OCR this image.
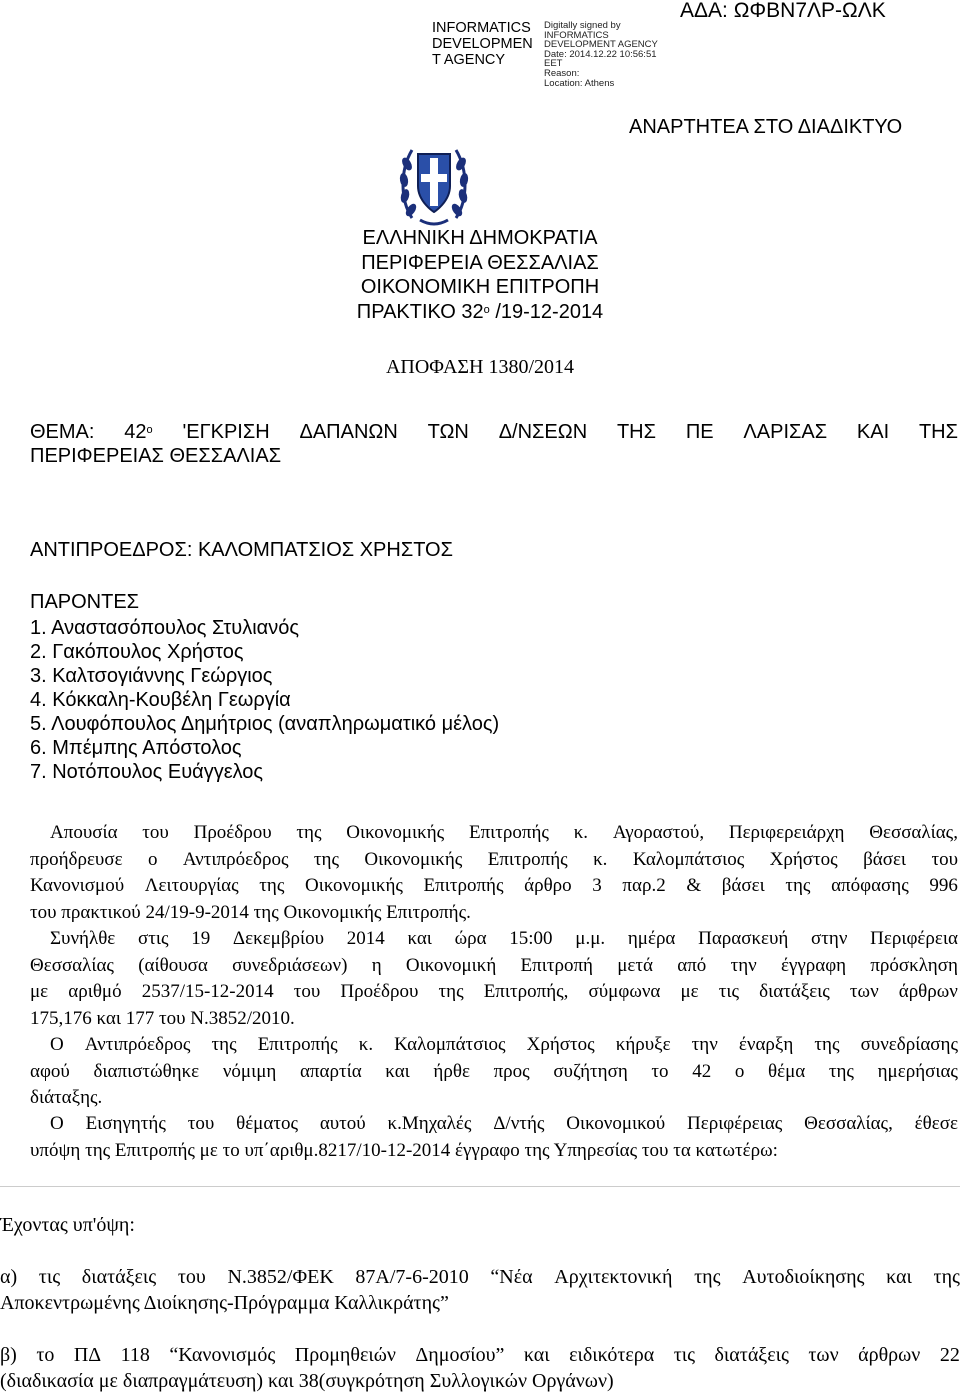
INFORMATICS
DEVELOPMEN
T AGENCY
Digitally signed by
INFORMATICS
DEVELOPMENT AGENCY
Date: 2014.12.22 10:56:51
EET
Reason:
Location: Athens
ΑΔΑ: ΩΦΒΝ7ΛΡ-ΩΛΚ
ΑΝΑΡΤΗΤΕΑ ΣΤΟ ΔΙΑΔΙΚΤΥΟ
ΕΛΛΗΝΙΚΗ ΔΗΜΟΚΡΑΤΙΑ
ΠΕΡΙΦΕΡΕΙΑ ΘΕΣΣΑΛΙΑΣ
ΟΙΚΟΝΟΜΙΚΗ ΕΠΙΤΡΟΠΗ
ΠΡΑΚΤΙΚΟ $32^o$ /19-12-2014
ΑΠΟΦΑΣΗ 1380/2014
ΘΕΜΑ: $42^o$ 'ΕΓΚΡΙΣΗ ΔΑΠΑΝΩΝ ΤΩΝ Δ/ΝΣΕΩΝ ΤΗΣ ΠΕ ΛΑΡΙΣΑΣ ΚΑΙ ΤΗΣ
ΠΕΡΙΦΕΡΕΙΑΣ ΘΕΣΣΑΛΙΑΣ
ΑΝΤΙΠΡΟΕΔΡΟΣ: ΚΑΛΟΜΠΑΤΣΙΟΣ ΧΡΗΣΤΟΣ
ΠΑΡΟΝΤΕΣ
1. Αναστασόπουλος Στυλιανός
2. Γακόπουλος Χρήστος
3. Καλτσογιάννης Γεώργιος
4. Κόκκαλη-Κουβέλη Γεωργία
5. Λουφόπουλος Δημήτριος (αναπληρωματικό μέλος)
6. Μπέμπης Απόστολος
7. Νοτόπουλος Ευάγγελος
Απουσία του Προέδρου της Οικονομικής Επιτροπής κ. Αγοραστού, Περιφερειάρχη Θεσσαλίας,
προήδρευσε ο Αντιπρόεδρος της Οικονομικής Επιτροπής κ. Καλομπάτσιος Χρήστος βάσει του
Κανονισμού Λειτουργίας της Οικονομικής Επιτροπής άρθρο 3 παρ.2 & βάσει της απόφασης 996
του πρακτικού 24/19-9-2014 της Οικονομικής Επιτροπής.
Συνήλθε στις 19 Δεκεμβρίου 2014 και ώρα 15:00 μ.μ. ημέρα Παρασκευή στην Περιφέρεια
Θεσσαλίας (αίθουσα συνεδριάσεων) η Οικονομική Επιτροπή μετά από την έγγραφη πρόσκληση
με αριθμό 2537/15-12-2014 του Προέδρου της Επιτροπής, σύμφωνα με τις διατάξεις των άρθρων
175,176 και 177 του Ν.3852/2010.
Ο Αντιπρόεδρος της Επιτροπής κ. Καλομπάτσιος Χρήστος κήρυξε την έναρξη της συνεδρίασης
αφού διαπιστώθηκε νόμιμη απαρτία και ήρθε προς συζήτηση το 42 ο θέμα της ημερήσιας
διάταξης.
Ο Εισηγητής του θέματος αυτού κ.Μηχαλές Δ/ντής Οικονομικού Περιφέρειας Θεσσαλίας, έθεσε
υπόψη της Επιτροπής με το υπ΄αριθμ.8217/10-12-2014 έγγραφο της Υπηρεσίας του τα κατωτέρω:
Έχοντας υπ'όψη:
α) τις διατάξεις του Ν.3852/ΦΕΚ 87Α/7-6-2010 “Νέα Αρχιτεκτονική της Αυτοδιοίκησης και της
Αποκεντρωμένης Διοίκησης-Πρόγραμμα Καλλικράτης”
β) το ΠΔ 118 “Κανονισμός Προμηθειών Δημοσίου” και ειδικότερα τις διατάξεις των άρθρων 22
(διαδικασία με διαπραγμάτευση) και 38(συγκρότηση Συλλογικών Οργάνων)
